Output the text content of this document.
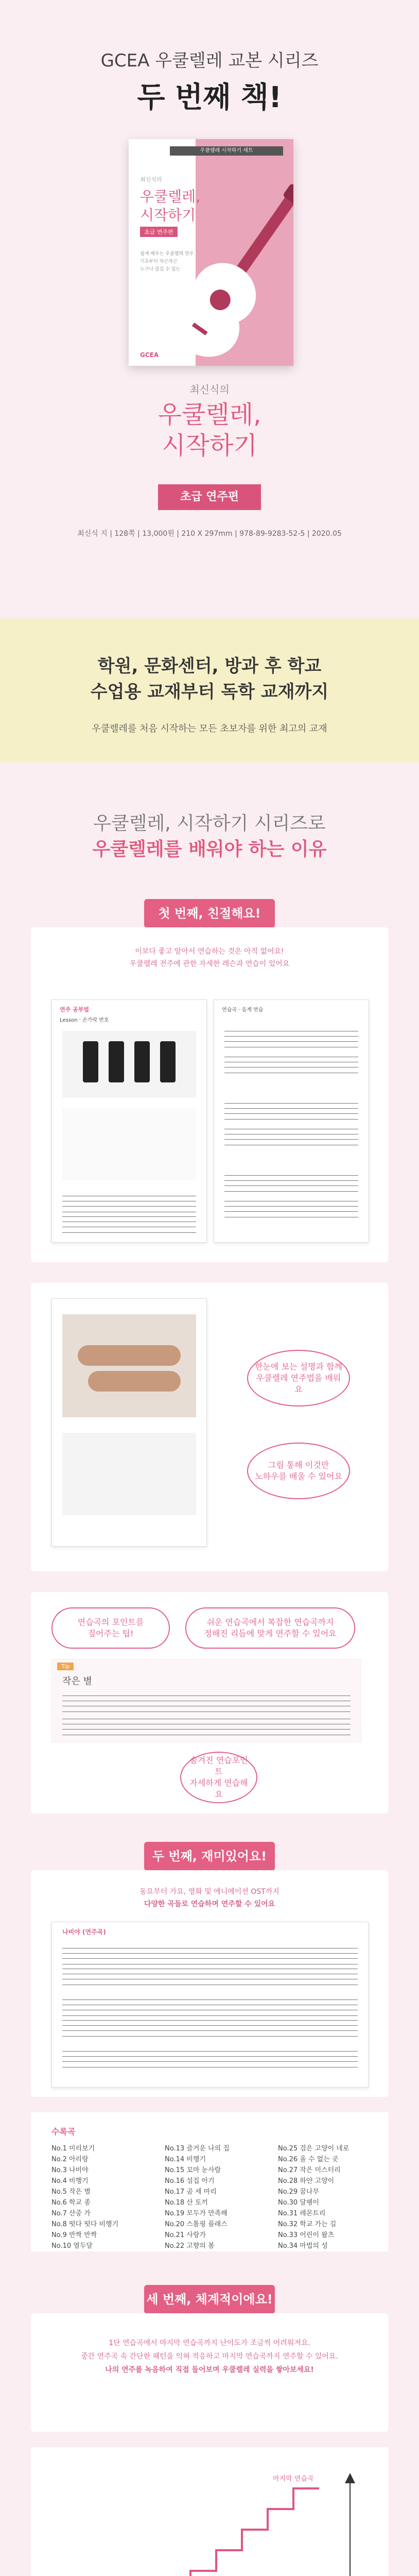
GCEA 우쿨렐레 교본 시리즈
두 번째 책!
우쿨렐레 시작하기 세트
최신식의
우쿨렐레,
시작하기
초급 연주편
쉽게 배우는 우쿨렐레 연주
기초부터 차근차근
누구나 즐길 수 있는
GCEA
최신식의
우쿨렐레,
시작하기
초급 연주편
최신식 지 | 128쪽 | 13,000원 | 210 X 297mm | 978-89-9283-52-5 | 2020.05
학원, 문화센터, 방과 후 학교
수업용 교재부터 독학 교재까지
우쿨렐레를 처음 시작하는 모든 초보자를 위한 최고의 교재
우쿨렐레, 시작하기 시리즈로
우쿨렐레를 배워야 하는 이유
첫 번째, 친절해요!
이보다 좋고 알아서 연습하는 것은 아직 없어요!
우쿨렐레 전주에 관한 자세한 레슨과 연습이 있어요
연주 공부법
Lesson · 손가락 번호
연습곡 · 음계 연습
한눈에 보는 설명과 함께
우쿨렐레 연주법을 배워요
그림 통해 이것만
노하우를 배울 수 있어요
연습곡의 포인트를
짚어주는 팁!
쉬운 연습곡에서 복잡한 연습곡까지
정해진 리듬에 맞게 연주할 수 있어요
Tip
작은 별
숨겨진 연습포인트
자세하게 연습해요
두 번째, 재미있어요!
동요부터 가요, 영화 및 애니메이션 OST까지
다양한 곡들로 연습하며 연주할 수 있어요
나비야 (연주곡)
수록곡
No.1 미리보기
No.2 아리랑
No.3 나비야
No.4 비행기
No.5 작은 별
No.6 학교 종
No.7 산중 가
No.8 떳다 떳다 비행기
No.9 반짝 반짝
No.10 열두달
No.13 즐거운 나의 집
No.14 비행기
No.15 꼬마 눈사람
No.16 섬집 아기
No.17 곰 세 마리
No.18 산 토끼
No.19 모두가 만족해
No.20 스톰핑 플래스
No.21 사랑가
No.22 고향의 봄
No.25 검은 고양이 네로
No.26 올 수 없는 곳
No.27 작은 미스터리
No.28 하얀 고양이
No.29 꿈나무
No.30 달팽이
No.31 레몬트리
No.32 학교 가는 길
No.33 어린이 왈츠
No.34 마법의 성
세 번째, 체계적이에요!
1단 연습곡에서 마지막 연습곡까지 난이도가 조금씩 어려워져요.
중간 연주곡 속 간단한 패턴을 익혀 적응하고 마지막 연습곡까지 연주할 수 있어요.
나의 연주를 녹음하여 직접 들어보며 우쿨렐레 실력을 쌓아보세요!
마지막 연습곡
